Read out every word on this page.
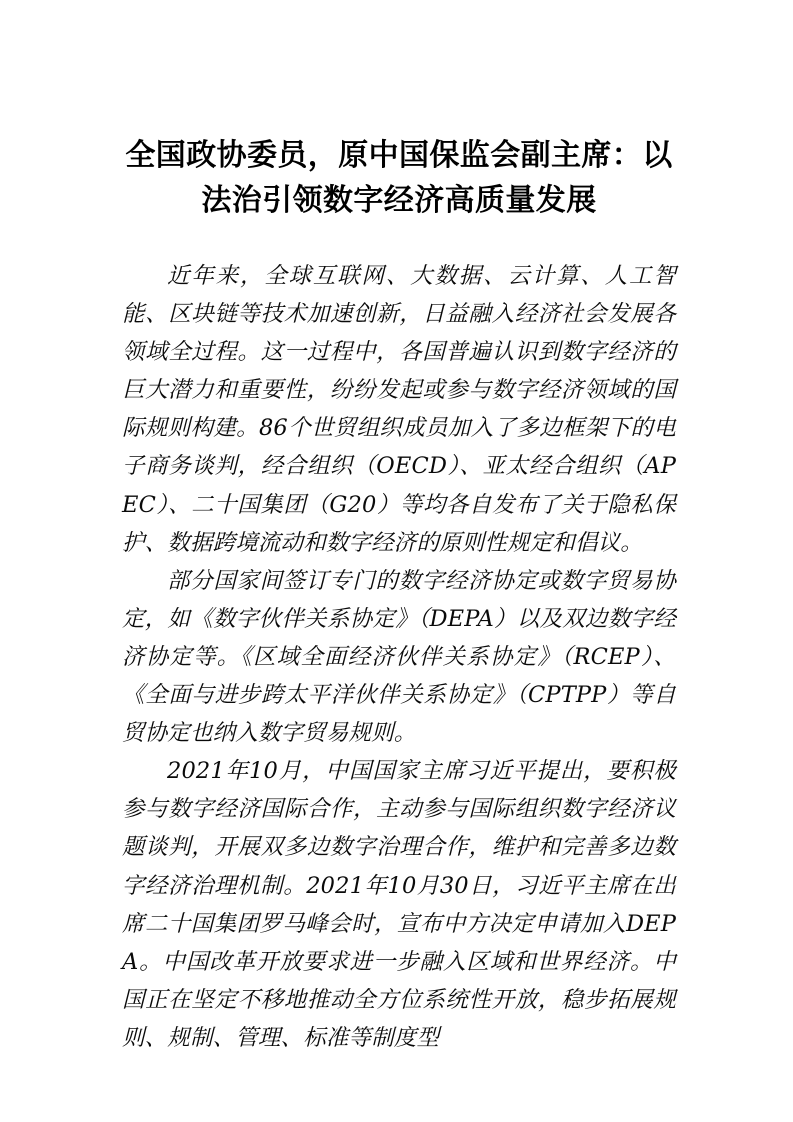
全国政协委员，原中国保监会副主席：以法治引领数字经济高质量发展

近年来，全球互联网、大数据、云计算、人工智能、区块链等技术加速创新，日益融入经济社会发展各领域全过程。这一过程中，各国普遍认识到数字经济的巨大潜力和重要性，纷纷发起或参与数字经济领域的国际规则构建。86个世贸组织成员加入了多边框架下的电子商务谈判，经合组织（OECD）、亚太经合组织（APEC）、二十国集团（G20）等均各自发布了关于隐私保护、数据跨境流动和数字经济的原则性规定和倡议。

部分国家间签订专门的数字经济协定或数字贸易协定，如《数字伙伴关系协定》（DEPA）以及双边数字经济协定等。《区域全面经济伙伴关系协定》（RCEP）、《全面与进步跨太平洋伙伴关系协定》（CPTPP）等自贸协定也纳入数字贸易规则。

2021年10月，中国国家主席习近平提出，要积极参与数字经济国际合作，主动参与国际组织数字经济议题谈判，开展双多边数字治理合作，维护和完善多边数字经济治理机制。2021年10月30日，习近平主席在出席二十国集团罗马峰会时，宣布中方决定申请加入DEPA。中国改革开放要求进一步融入区域和世界经济。中国正在坚定不移地推动全方位系统性开放，稳步拓展规则、规制、管理、标准等制度型
